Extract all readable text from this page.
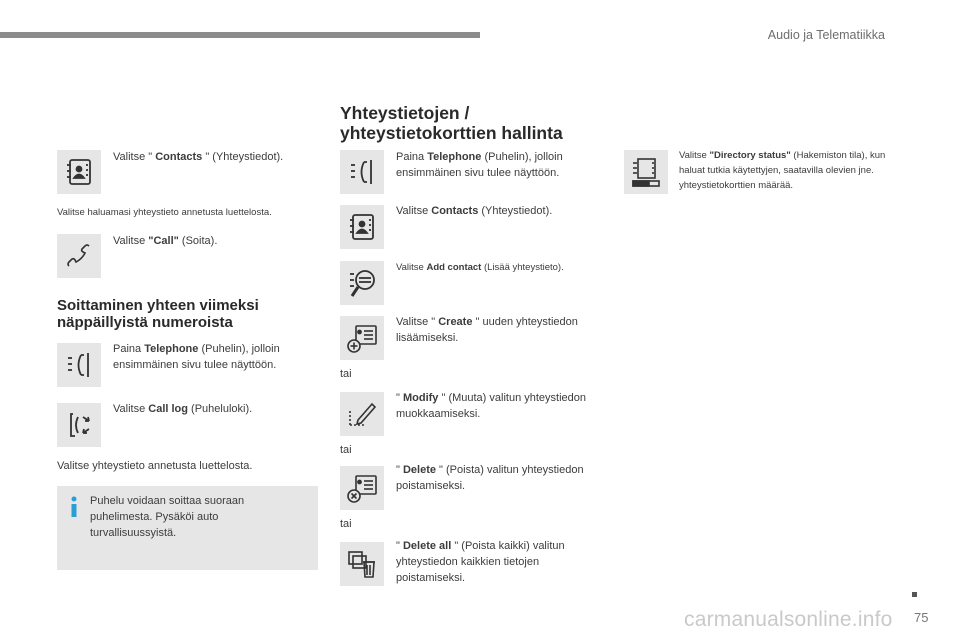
Audio ja Telematiikka
Valitse " Contacts " (Yhteystiedot).
Valitse haluamasi yhteystieto annetusta luettelosta.
Valitse "Call" (Soita).
Soittaminen yhteen viimeksi
näppäillyistä numeroista
Paina Telephone (Puhelin), jolloin ensimmäinen sivu tulee näyttöön.
Valitse Call log (Puheluloki).
Valitse yhteystieto annetusta luettelosta.
Puhelu voidaan soittaa suoraan puhelimesta. Pysäköi auto turvallisuussyistä.
Yhteystietojen /
yhteystietokorttien hallinta
Paina Telephone (Puhelin), jolloin ensimmäinen sivu tulee näyttöön.
Valitse Contacts (Yhteystiedot).
Valitse Add contact (Lisää yhteystieto).
Valitse " Create " uuden yhteystiedon lisäämiseksi.
tai
" Modify " (Muuta) valitun yhteystiedon muokkaamiseksi.
tai
" Delete " (Poista) valitun yhteystiedon poistamiseksi.
tai
" Delete all " (Poista kaikki) valitun yhteystiedon kaikkien tietojen poistamiseksi.
Valitse "Directory status" (Hakemiston tila), kun haluat tutkia käytettyjen, saatavilla olevien jne. yhteystietokorttien määrää.
carmanualsonline.info 75
